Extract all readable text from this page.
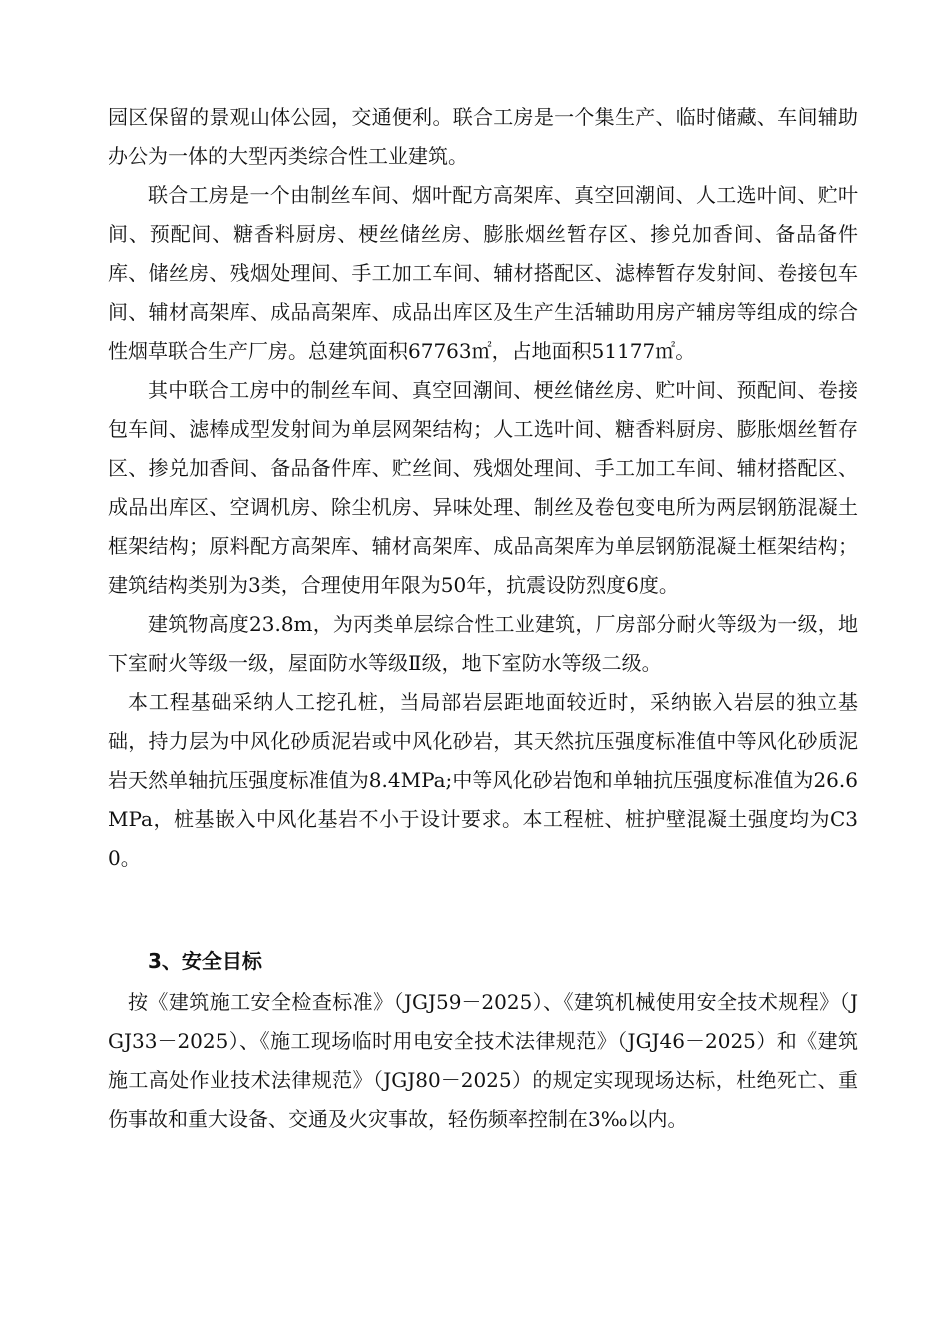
园区保留的景观山体公园，交通便利。联合工房是一个集生产、临时储藏、车间辅助办公为一体的大型丙类综合性工业建筑。

联合工房是一个由制丝车间、烟叶配方高架库、真空回潮间、人工选叶间、贮叶间、预配间、糖香料厨房、梗丝储丝房、膨胀烟丝暂存区、掺兑加香间、备品备件库、储丝房、残烟处理间、手工加工车间、辅材搭配区、滤棒暂存发射间、卷接包车间、辅材高架库、成品高架库、成品出库区及生产生活辅助用房产辅房等组成的综合性烟草联合生产厂房。总建筑面积67763㎡，占地面积51177㎡。

其中联合工房中的制丝车间、真空回潮间、梗丝储丝房、贮叶间、预配间、卷接包车间、滤棒成型发射间为单层网架结构；人工选叶间、糖香料厨房、膨胀烟丝暂存区、掺兑加香间、备品备件库、贮丝间、残烟处理间、手工加工车间、辅材搭配区、成品出库区、空调机房、除尘机房、异味处理、制丝及卷包变电所为两层钢筋混凝土框架结构；原料配方高架库、辅材高架库、成品高架库为单层钢筋混凝土框架结构；建筑结构类别为3类，合理使用年限为50年，抗震设防烈度6度。

建筑物高度23.8m，为丙类单层综合性工业建筑，厂房部分耐火等级为一级，地下室耐火等级一级，屋面防水等级Ⅱ级，地下室防水等级二级。

本工程基础采纳人工挖孔桩，当局部岩层距地面较近时，采纳嵌入岩层的独立基础，持力层为中风化砂质泥岩或中风化砂岩，其天然抗压强度标准值中等风化砂质泥岩天然单轴抗压强度标准值为8.4MPa;中等风化砂岩饱和单轴抗压强度标准值为26.6MPa，桩基嵌入中风化基岩不小于设计要求。本工程桩、桩护壁混凝土强度均为C30。

3、安全目标

按《建筑施工安全检查标准》（JGJ59－2025）、《建筑机械使用安全技术规程》（JGJ33－2025）、《施工现场临时用电安全技术法律规范》（JGJ46－2025）和《建筑施工高处作业技术法律规范》（JGJ80－2025）的规定实现现场达标，杜绝死亡、重伤事故和重大设备、交通及火灾事故，轻伤频率控制在3‰以内。
